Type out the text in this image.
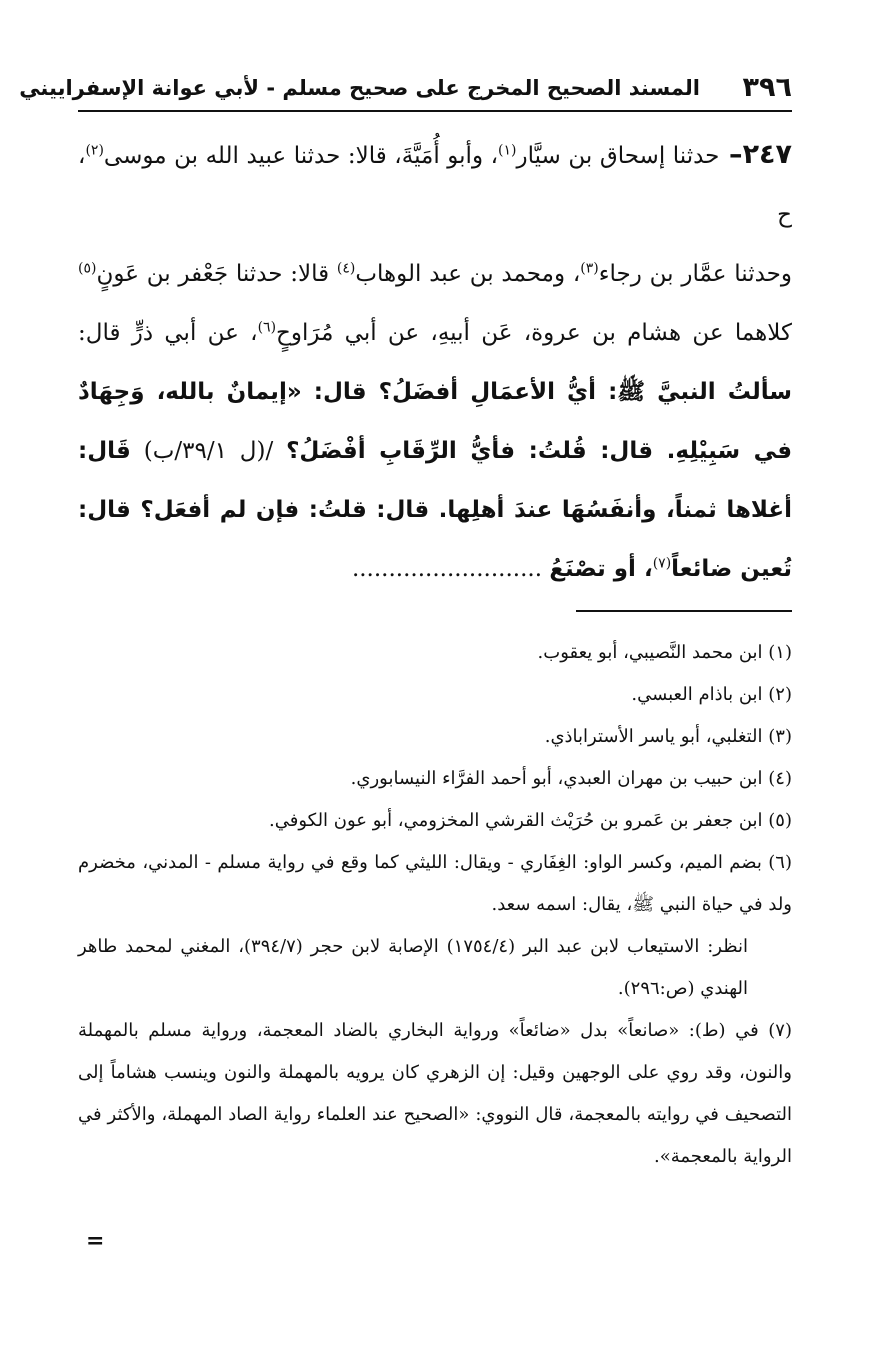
٣٩٦
المسند الصحيح المخرج على صحيح مسلم - لأبي عوانة الإسفراييني

٢٤٧– حدثنا إسحاق بن سيَّار$^{(١)}$، وأبو أُمَيَّةَ، قالا: حدثنا عبيد الله بن موسى$^{(٢)}$، ح

وحدثنا عمَّار بن رجاء$^{(٣)}$، ومحمد بن عبد الوهاب$^{(٤)}$ قالا: حدثنا جَعْفر بن عَونٍ$^{(٥)}$ كلاهما عن هشام بن عروة، عَن أبيهِ، عن أبي مُرَاوحٍ$^{(٦)}$، عن أبي ذرٍّ قال: سألتُ النبيَّ ﷺ: أيُّ الأعمَالِ أفضَلُ؟ قال: «إيمانٌ بالله، وَجِهَادٌ في سَبِيْلِهِ. قال: قُلتُ: فأيُّ الرِّقَابِ أفْضَلُ؟ /(ل ٣٩/١/ب) قَال: أغلاها ثمناً، وأنفَسُهَا عندَ أهلِها. قال: قلتُ: فإن لم أفعَل؟ قال: تُعين ضائعاً$^{(٧)}$، أو تصْنَعُ ..........................

(١) ابن محمد النَّصيبي، أبو يعقوب.

(٢) ابن باذام العبسي.

(٣) التغلبي، أبو ياسر الأستراباذي.

(٤) ابن حبيب بن مهران العبدي، أبو أحمد الفرَّاء النيسابوري.

(٥) ابن جعفر بن عَمرو بن حُرَيْث القرشي المخزومي، أبو عون الكوفي.

(٦) بضم الميم، وكسر الواو: الغِفَاري - ويقال: الليثي كما وقع في رواية مسلم - المدني، مخضرم ولد في حياة النبي ﷺ، يقال: اسمه سعد.

انظر: الاستيعاب لابن عبد البر (١٧٥٤/٤) الإصابة لابن حجر (٣٩٤/٧)، المغني لمحمد طاهر الهندي (ص:٢٩٦).

(٧) في (ط): «صانعاً» بدل «ضائعاً» ورواية البخاري بالضاد المعجمة، ورواية مسلم بالمهملة والنون، وقد روي على الوجهين وقيل: إن الزهري كان يرويه بالمهملة والنون وينسب هشاماً إلى التصحيف في روايته بالمعجمة، قال النووي: «الصحيح عند العلماء رواية الصاد المهملة، والأكثر في الرواية بالمعجمة».

=
